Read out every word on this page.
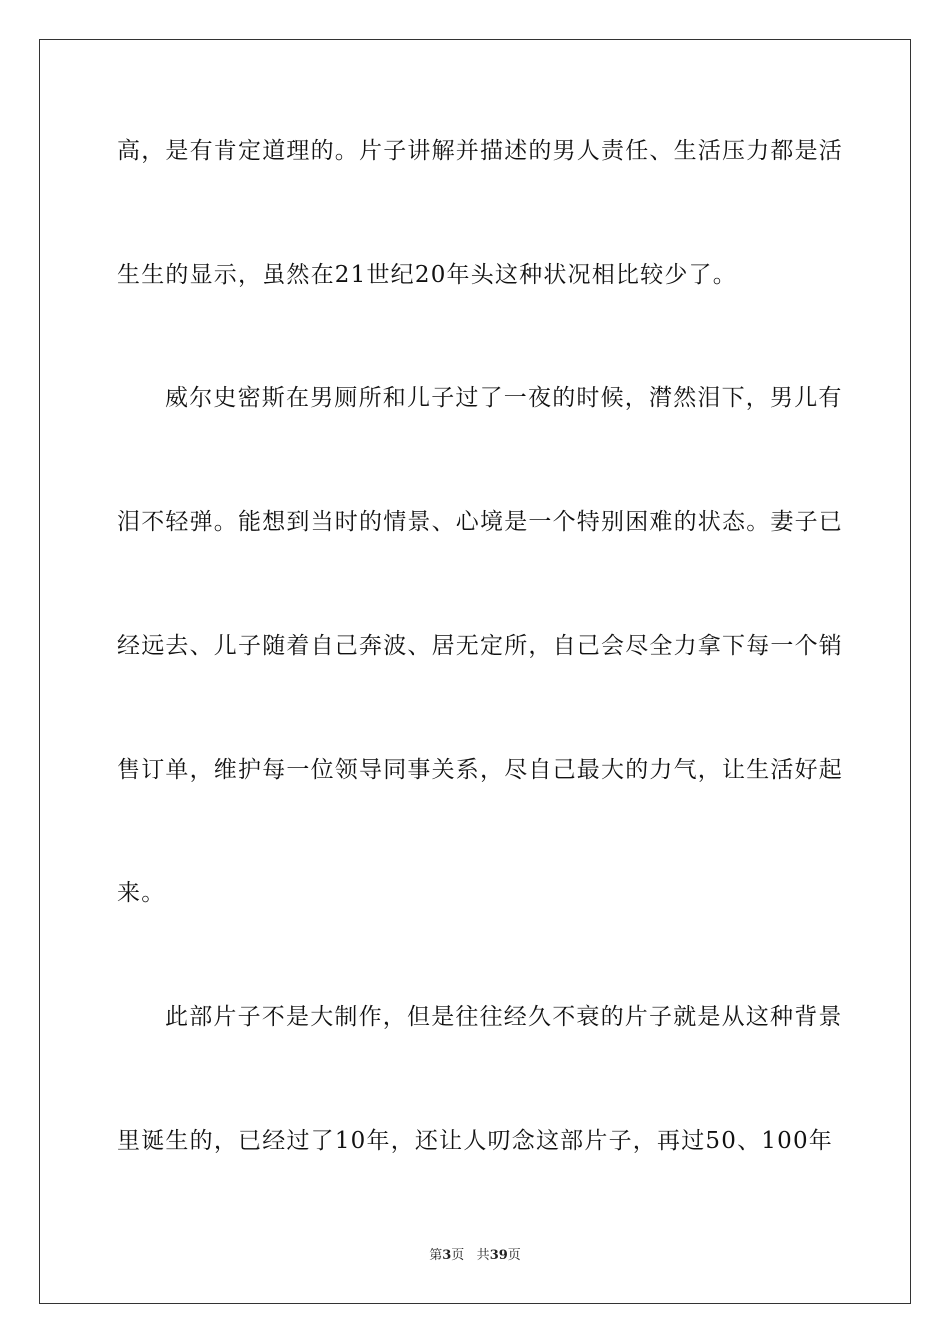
高，是有肯定道理的。片子讲解并描述的男人责任、生活压力都是活
生生的显示，虽然在21世纪20年头这种状况相比较少了。
威尔史密斯在男厕所和儿子过了一夜的时候，潸然泪下，男儿有
泪不轻弹。能想到当时的情景、心境是一个特别困难的状态。妻子已
经远去、儿子随着自己奔波、居无定所，自己会尽全力拿下每一个销
售订单，维护每一位领导同事关系，尽自己最大的力气，让生活好起
来。
此部片子不是大制作，但是往往经久不衰的片子就是从这种背景
里诞生的，已经过了10年，还让人叨念这部片子，再过50、100年
第3页 共39页
